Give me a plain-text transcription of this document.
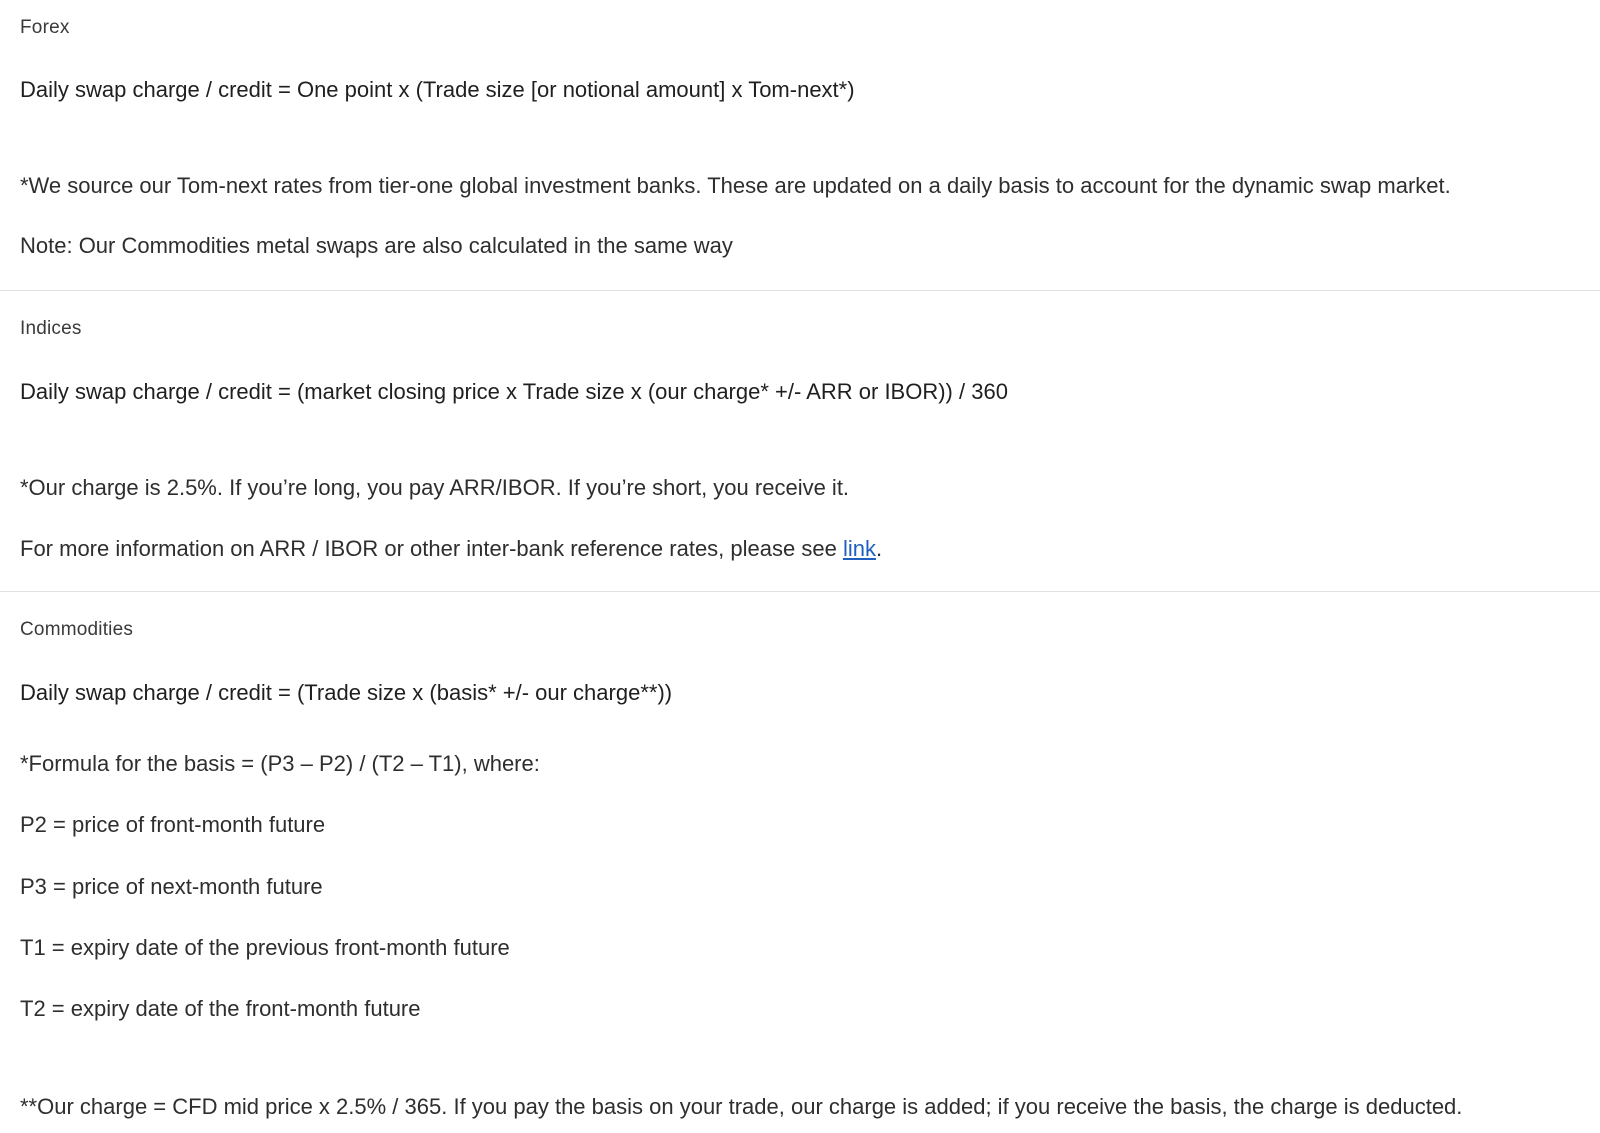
Forex
Daily swap charge / credit = One point x (Trade size [or notional amount] x Tom-next*)
*We source our Tom-next rates from tier-one global investment banks. These are updated on a daily basis to account for the dynamic swap market.
Note: Our Commodities metal swaps are also calculated in the same way
Indices
Daily swap charge / credit = (market closing price x Trade size x (our charge* +/- ARR or IBOR)) / 360
*Our charge is 2.5%. If you’re long, you pay ARR/IBOR. If you’re short, you receive it.
For more information on ARR / IBOR or other inter-bank reference rates, please see link.
Commodities
Daily swap charge / credit = (Trade size x (basis* +/- our charge**))
*Formula for the basis = (P3 – P2) / (T2 – T1), where:
P2 = price of front-month future
P3 = price of next-month future
T1 = expiry date of the previous front-month future
T2 = expiry date of the front-month future
**Our charge = CFD mid price x 2.5% / 365. If you pay the basis on your trade, our charge is added; if you receive the basis, the charge is deducted.
